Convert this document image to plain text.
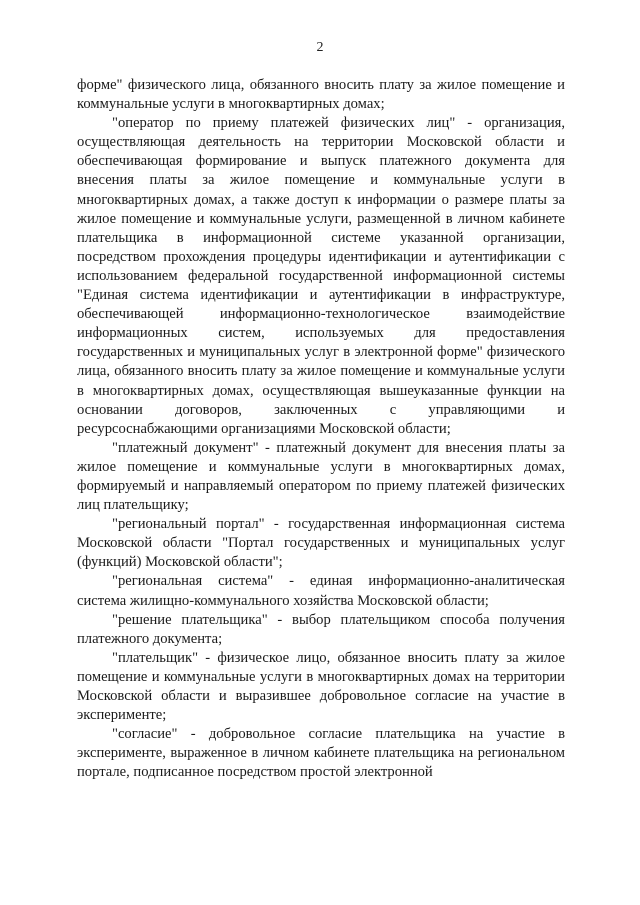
2

форме" физического лица, обязанного вносить плату за жилое помещение и коммунальные услуги в многоквартирных домах;

"оператор по приему платежей физических лиц" - организация, осуществляющая деятельность на территории Московской области и обеспечивающая формирование и выпуск платежного документа для внесения платы за жилое помещение и коммунальные услуги в многоквартирных домах, а также доступ к информации о размере платы за жилое помещение и коммунальные услуги, размещенной в личном кабинете плательщика в информационной системе указанной организации, посредством прохождения процедуры идентификации и аутентификации с использованием федеральной государственной информационной системы "Единая система идентификации и аутентификации в инфраструктуре, обеспечивающей информационно-технологическое взаимодействие информационных систем, используемых для предоставления государственных и муниципальных услуг в электронной форме" физического лица, обязанного вносить плату за жилое помещение и коммунальные услуги в многоквартирных домах, осуществляющая вышеуказанные функции на основании договоров, заключенных с управляющими и ресурсоснабжающими организациями Московской области;

"платежный документ" - платежный документ для внесения платы за жилое помещение и коммунальные услуги в многоквартирных домах, формируемый и направляемый оператором по приему платежей физических лиц плательщику;

"региональный портал" - государственная информационная система Московской области "Портал государственных и муниципальных услуг (функций) Московской области";

"региональная система" - единая информационно-аналитическая система жилищно-коммунального хозяйства Московской области;

"решение плательщика" - выбор плательщиком способа получения платежного документа;

"плательщик" - физическое лицо, обязанное вносить плату за жилое помещение и коммунальные услуги в многоквартирных домах на территории Московской области и выразившее добровольное согласие на участие в эксперименте;

"согласие" - добровольное согласие плательщика на участие в эксперименте, выраженное в личном кабинете плательщика на региональном портале, подписанное посредством простой электронной
